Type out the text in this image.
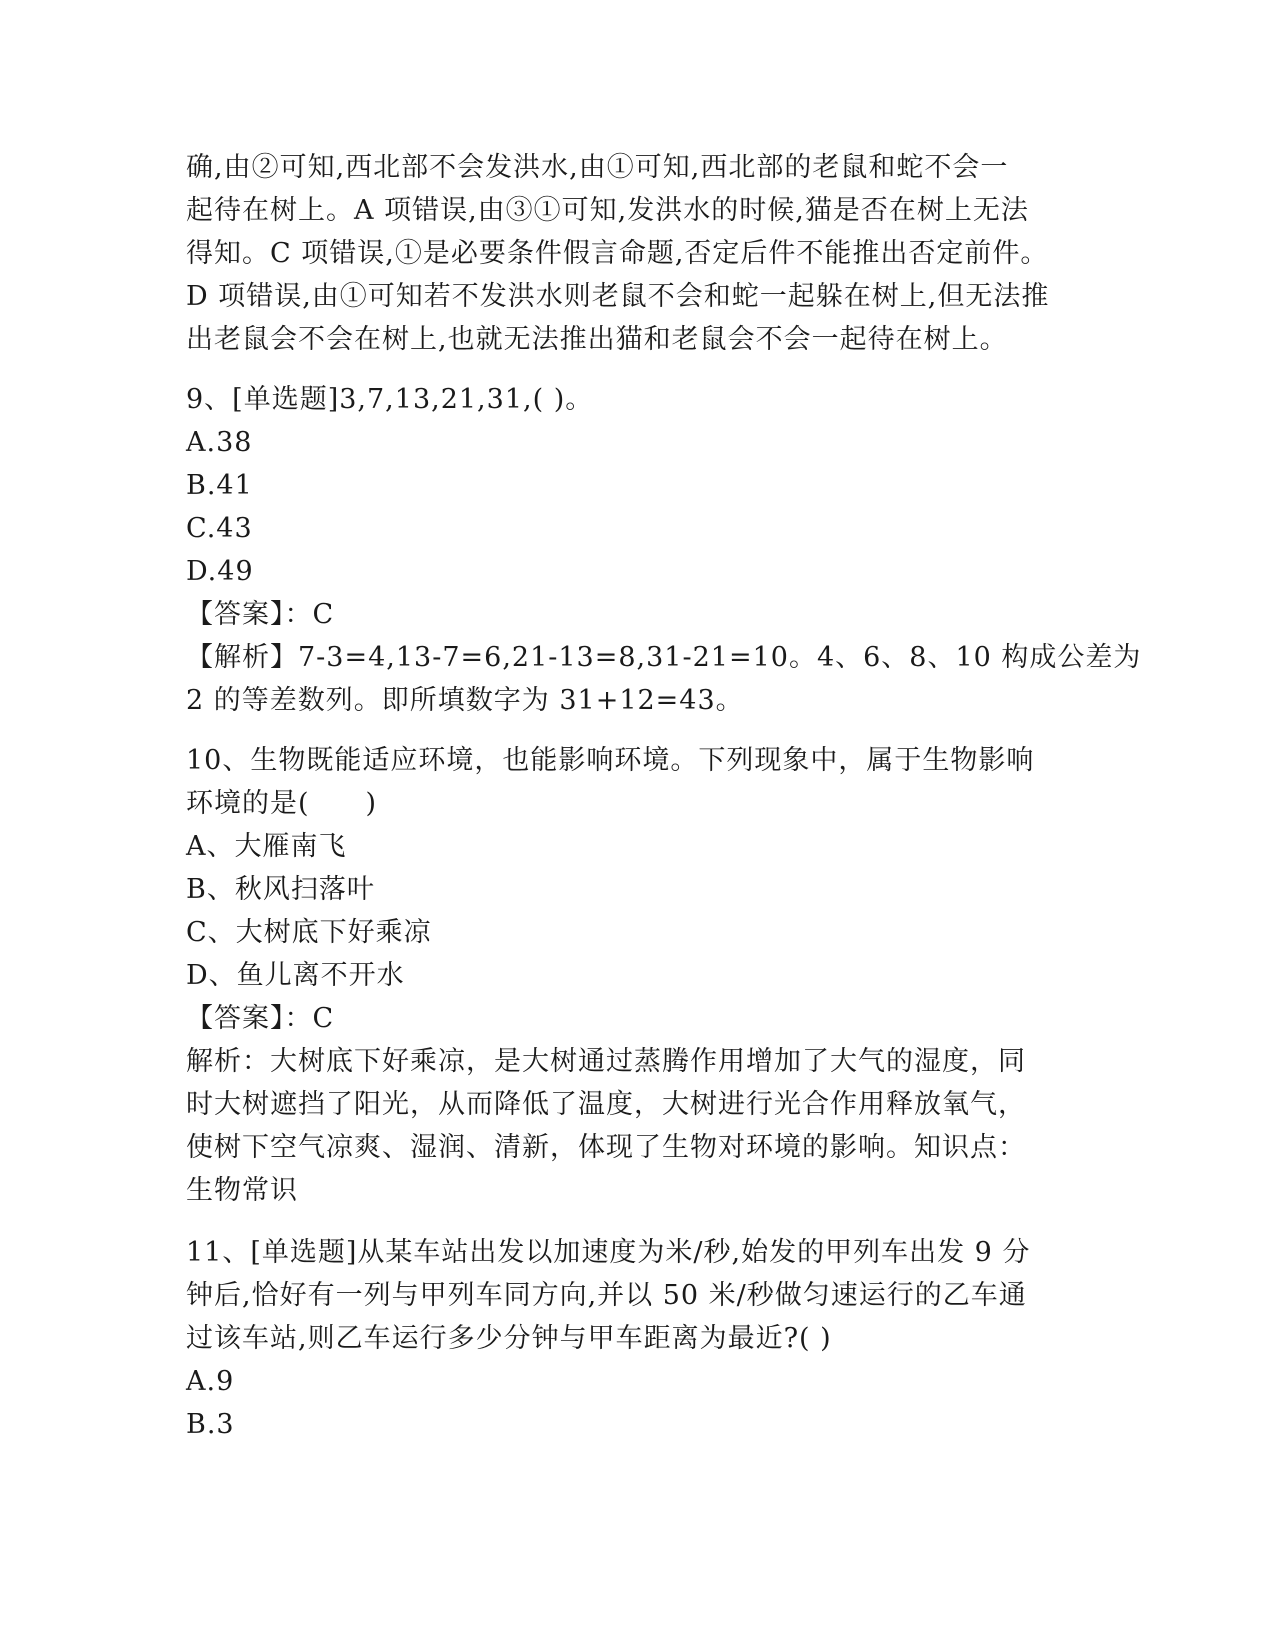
确,由②可知,西北部不会发洪水,由①可知,西北部的老鼠和蛇不会一
起待在树上。A 项错误,由③①可知,发洪水的时候,猫是否在树上无法
得知。C 项错误,①是必要条件假言命题,否定后件不能推出否定前件。
D 项错误,由①可知若不发洪水则老鼠不会和蛇一起躲在树上,但无法推
出老鼠会不会在树上,也就无法推出猫和老鼠会不会一起待在树上。
9、[单选题]3,7,13,21,31,( )。
A.38
B.41
C.43
D.49
【答案】：C
【解析】7-3=4,13-7=6,21-13=8,31-21=10。4、6、8、10 构成公差为
2 的等差数列。即所填数字为 31+12=43。
10、生物既能适应环境，也能影响环境。下列现象中，属于生物影响
环境的是(　　)
A、大雁南飞
B、秋风扫落叶
C、大树底下好乘凉
D、鱼儿离不开水
【答案】：C
解析：大树底下好乘凉，是大树通过蒸腾作用增加了大气的湿度，同
时大树遮挡了阳光，从而降低了温度，大树进行光合作用释放氧气，
使树下空气凉爽、湿润、清新，体现了生物对环境的影响。知识点：
生物常识
11、[单选题]从某车站出发以加速度为米/秒,始发的甲列车出发 9 分
钟后,恰好有一列与甲列车同方向,并以 50 米/秒做匀速运行的乙车通
过该车站,则乙车运行多少分钟与甲车距离为最近?( )
A.9
B.3
